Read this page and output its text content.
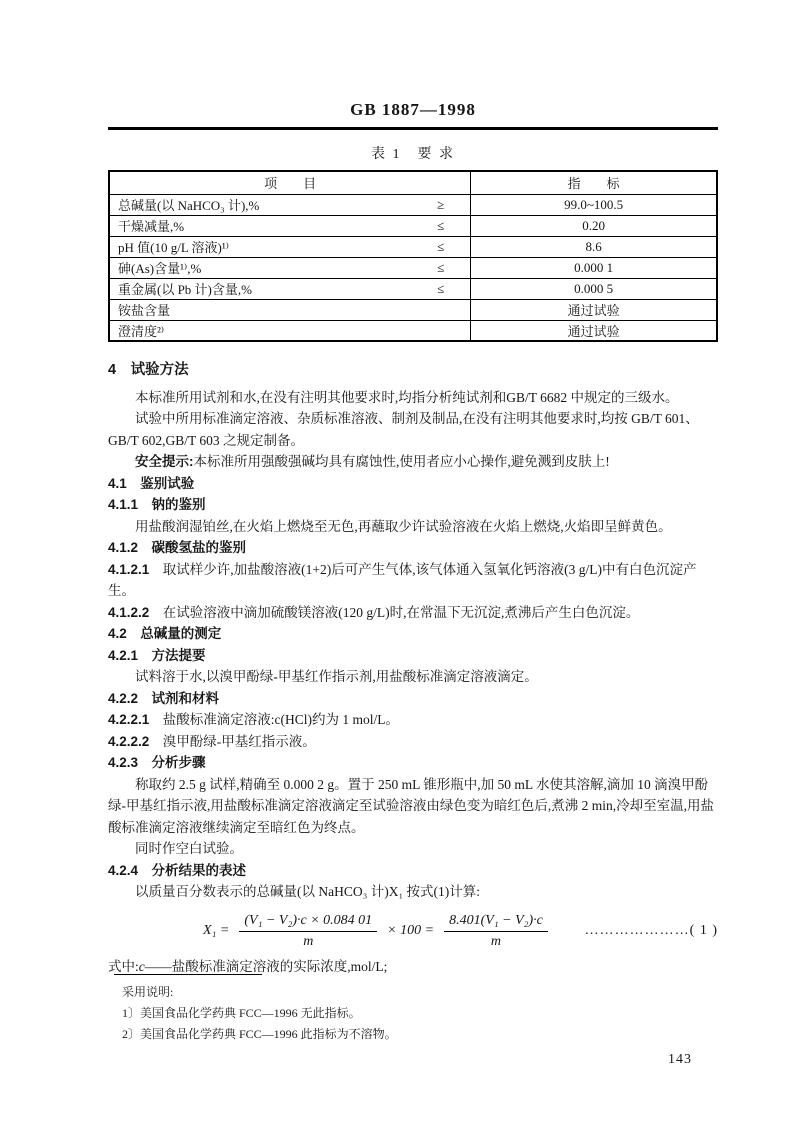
GB 1887—1998
表 1　要 求
项　　目	指　　标

总碱量(以 NaHCO₃ 计),% ≥	99.0~100.5

干燥减量,% ≤	0.20

pH 值(10 g/L 溶液)¹⁾ ≤	8.6

砷(As)含量¹⁾,% ≤	0.000 1

重金属(以 Pb 计)含量,% ≤	0.000 5

铵盐含量	通过试验

澄清度²⁾	通过试验
4 试验方法
本标准所用试剂和水,在没有注明其他要求时,均指分析纯试剂和GB/T 6682 中规定的三级水。
试验中所用标准滴定溶液、杂质标准溶液、制剂及制品,在没有注明其他要求时,均按 GB/T 601、GB/T 602,GB/T 603 之规定制备。
安全提示:本标准所用强酸强碱均具有腐蚀性,使用者应小心操作,避免溅到皮肤上!
4.1 鉴别试验
4.1.1 钠的鉴别
用盐酸润湿铂丝,在火焰上燃烧至无色,再蘸取少许试验溶液在火焰上燃烧,火焰即呈鲜黄色。
4.1.2 碳酸氢盐的鉴别
4.1.2.1 取试样少许,加盐酸溶液(1+2)后可产生气体,该气体通入氢氧化钙溶液(3 g/L)中有白色沉淀产生。
4.1.2.2 在试验溶液中滴加硫酸镁溶液(120 g/L)时,在常温下无沉淀,煮沸后产生白色沉淀。
4.2 总碱量的测定
4.2.1 方法提要
试料溶于水,以溴甲酚绿-甲基红作指示剂,用盐酸标准滴定溶液滴定。
4.2.2 试剂和材料
4.2.2.1 盐酸标准滴定溶液:c(HCl)约为 1 mol/L。
4.2.2.2 溴甲酚绿-甲基红指示液。
4.2.3 分析步骤
称取约 2.5 g 试样,精确至 0.000 2 g。置于 250 mL 锥形瓶中,加 50 mL 水使其溶解,滴加 10 滴溴甲酚绿-甲基红指示液,用盐酸标准滴定溶液滴定至试验溶液由绿色变为暗红色后,煮沸 2 min,冷却至室温,用盐酸标准滴定溶液继续滴定至暗红色为终点。
同时作空白试验。
4.2.4 分析结果的表述
以质量百分数表示的总碱量(以 NaHCO₃ 计)X₁ 按式(1)计算:
$X_1 = \frac{\text{(V₁ − V₂)·c × 0.084 01}}{m} \times 100 = \frac{\text{8.401(V₁ − V₂)·c}}{m}$	…………………( 1 )
式中:c——盐酸标准滴定溶液的实际浓度,mol/L;
采用说明:
1〕美国食品化学药典 FCC—1996 无此指标。
2〕美国食品化学药典 FCC—1996 此指标为不溶物。
143
